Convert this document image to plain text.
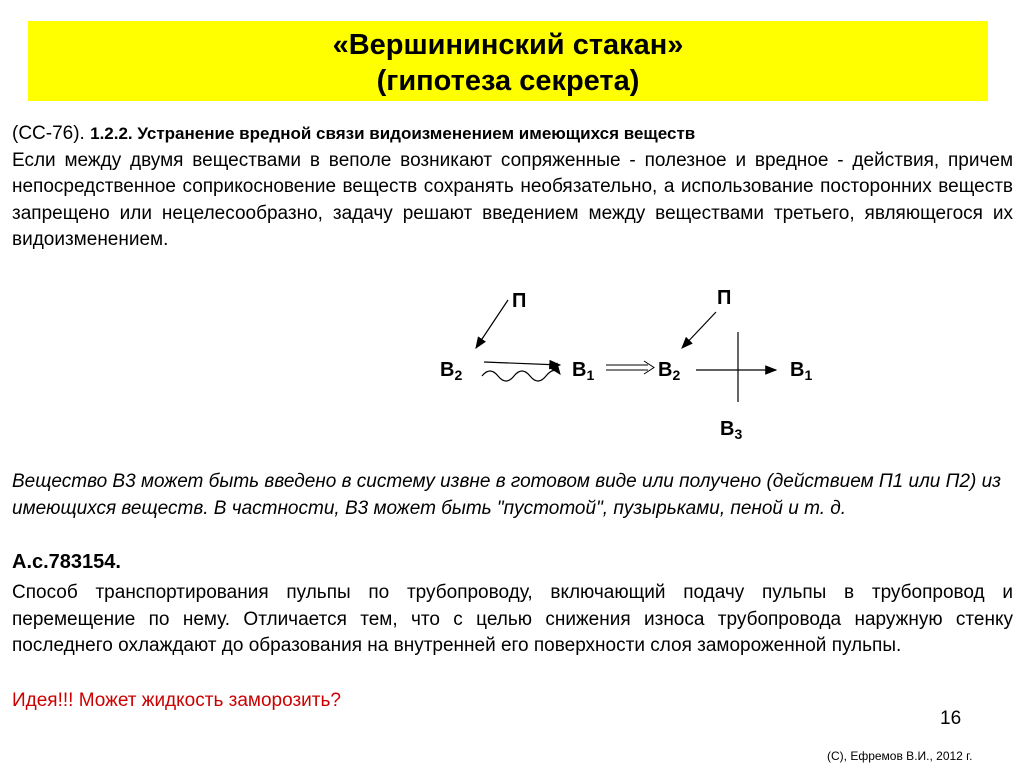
«Вершининский стакан»
(гипотеза секрета)
(СС-76). 1.2.2. Устранение вредной связи видоизменением имеющихся веществ
Если между двумя веществами в веполе возникают сопряженные - полезное и вредное - действия, причем непосредственное соприкосновение веществ сохранять необязательно, а использование посторонних веществ запрещено или нецелесообразно, задачу решают введением между веществами третьего, являющегося их видоизменением.
П
$В_2$	$В_1$
П
$В_2$	$В_1$
$В_3$
Вещество В3 может быть введено в систему извне в готовом виде или получено (действием П1 или П2) из имеющихся веществ. В частности, В3 может быть "пустотой", пузырьками, пеной и т. д.
А.с.783154.
Способ транспортирования пульпы по трубопроводу, включающий подачу пульпы в трубопровод и перемещение по нему. Отличается тем, что с целью снижения износа трубопровода наружную стенку последнего охлаждают до образования на внутренней его поверхности слоя замороженной пульпы.
Идея!!! Может жидкость заморозить?
16
(С), Ефремов В.И., 2012 г.
